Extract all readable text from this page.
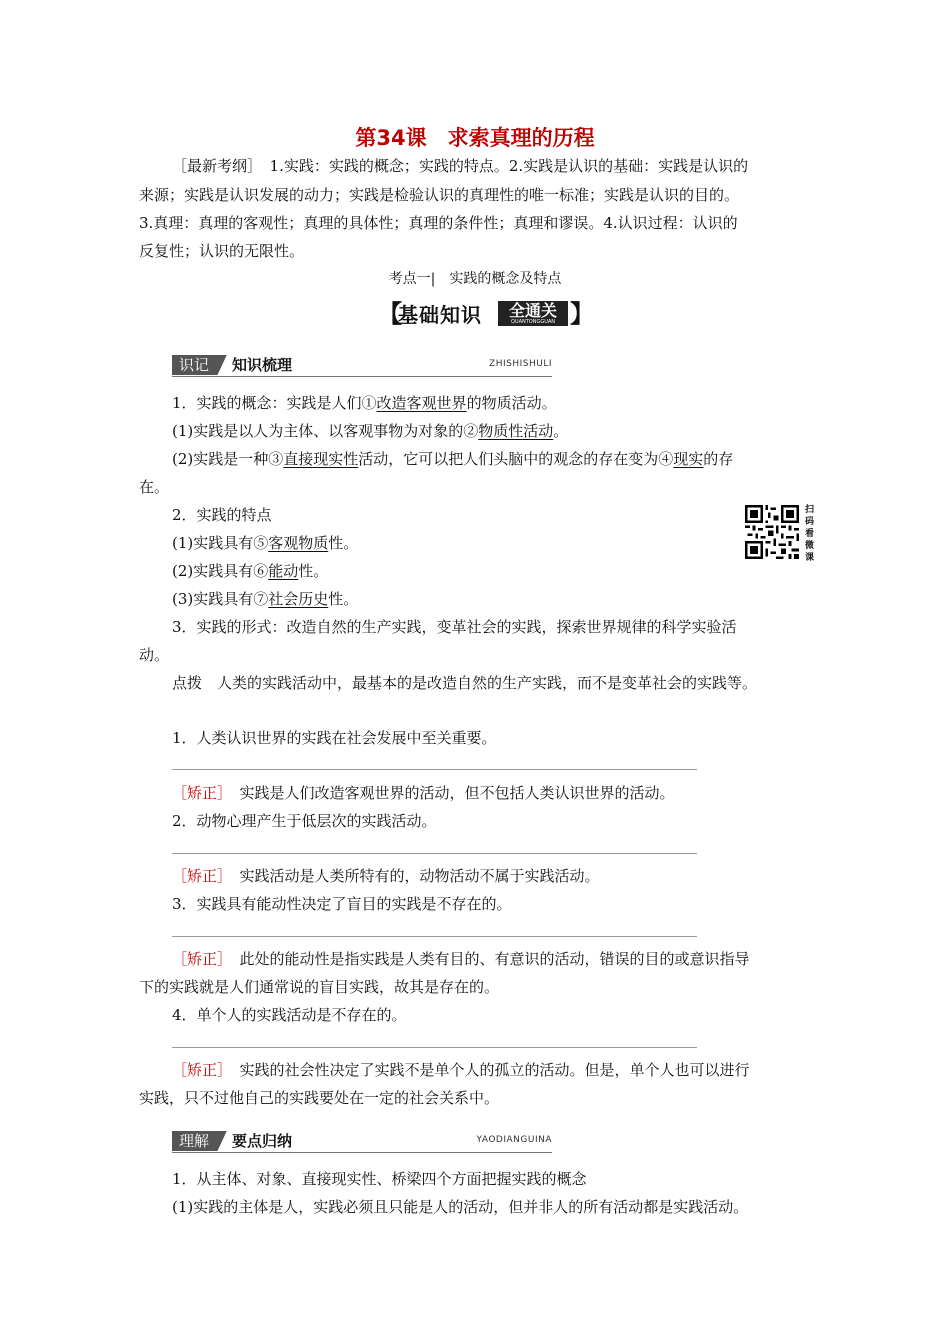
第34课　求索真理的历程
［最新考纲］　 1.实践：实践的概念；实践的特点。2.实践是认识的基础：实践是认识的
来源；实践是认识发展的动力；实践是检验认识的真理性的唯一标准；实践是认识的目的。
3.真理：真理的客观性；真理的具体性；真理的条件性；真理和谬误。4.认识过程：认识的
反复性；认识的无限性。
考点一|　实践的概念及特点
【
基础知识	全通关
QUANTONGGUAN 】
识记	知识梳理	ZHISHISHULI
1．实践的概念：实践是人们①改造客观世界的物质活动。
(1)实践是以人为主体、以客观事物为对象的②物质性活动。
(2)实践是一种③直接现实性活动，它可以把人们头脑中的观念的存在变为④现实的存
在。
2．实践的特点
(1)实践具有⑤客观物质性。
(2)实践具有⑥能动性。
(3)实践具有⑦社会历史性。
3．实践的形式：改造自然的生产实践，变革社会的实践，探索世界规律的科学实验活
动。
点拨　人类的实践活动中，最基本的是改造自然的生产实践，而不是变革社会的实践等。
扫码看微课
1．人类认识世界的实践在社会发展中至关重要。
［矫正］　实践是人们改造客观世界的活动，但不包括人类认识世界的活动。
2．动物心理产生于低层次的实践活动。
［矫正］　实践活动是人类所特有的，动物活动不属于实践活动。
3．实践具有能动性决定了盲目的实践是不存在的。
［矫正］　此处的能动性是指实践是人类有目的、有意识的活动，错误的目的或意识指导
下的实践就是人们通常说的盲目实践，故其是存在的。
4．单个人的实践活动是不存在的。
［矫正］　实践的社会性决定了实践不是单个人的孤立的活动。但是，单个人也可以进行
实践，只不过他自己的实践要处在一定的社会关系中。
理解	要点归纳	YAODIANGUINA
1．从主体、对象、直接现实性、桥梁四个方面把握实践的概念
(1)实践的主体是人，实践必须且只能是人的活动，但并非人的所有活动都是实践活动。
